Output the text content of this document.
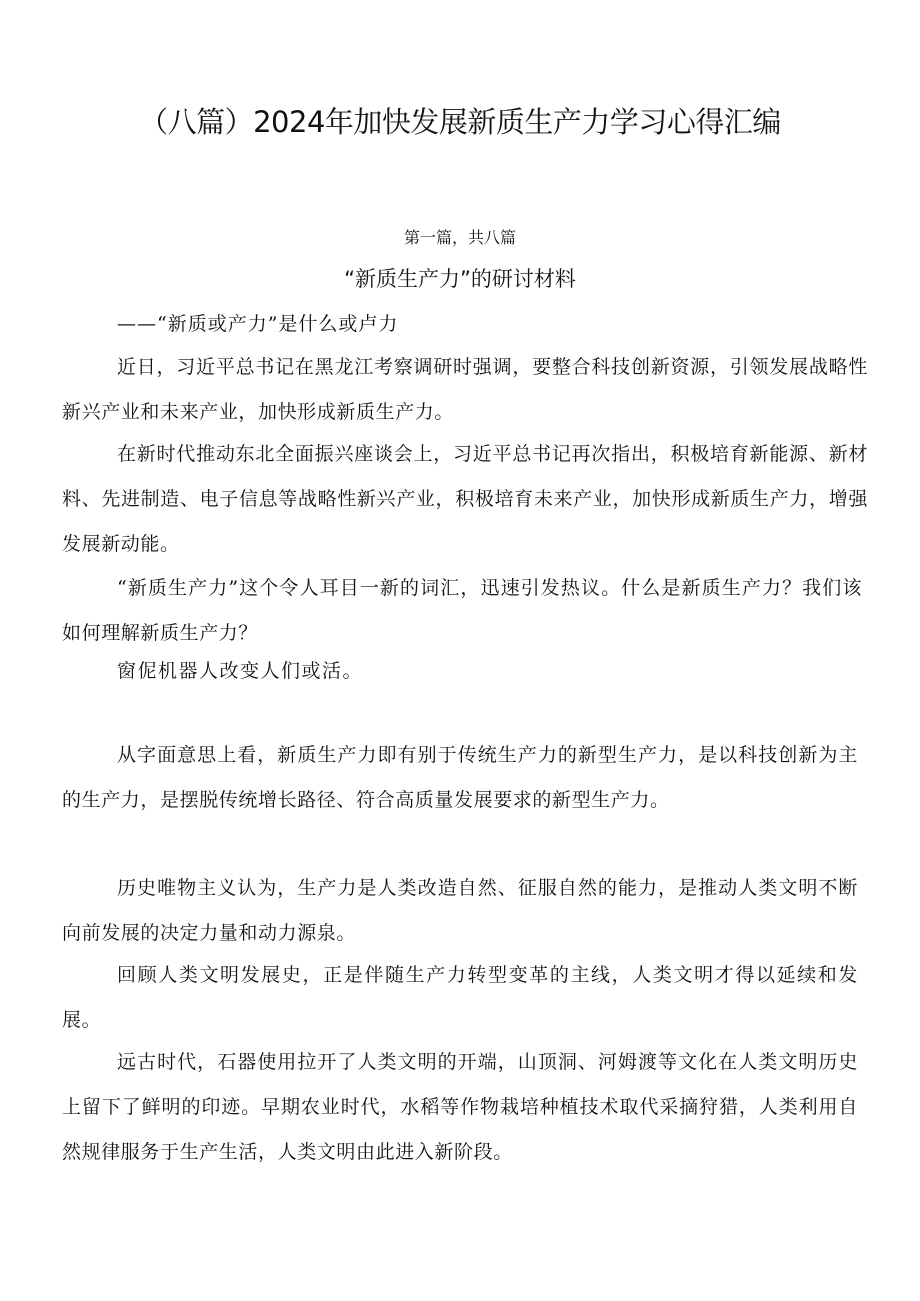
（八篇）2024年加快发展新质生产力学习心得汇编
第一篇，共八篇
“新质生产力”的研讨材料
——“新质或产力”是什么或卢力

近日，习近平总书记在黑龙江考察调研时强调，要整合科技创新资源，引领发展战略性新兴产业和未来产业，加快形成新质生产力。

在新时代推动东北全面振兴座谈会上，习近平总书记再次指出，积极培育新能源、新材料、先进制造、电子信息等战略性新兴产业，积极培育未来产业，加快形成新质生产力，增强发展新动能。

“新质生产力”这个令人耳目一新的词汇，迅速引发热议。什么是新质生产力？我们该如何理解新质生产力？

窗伲机器人改变人们或活。

从字面意思上看，新质生产力即有别于传统生产力的新型生产力，是以科技创新为主的生产力，是摆脱传统增长路径、符合高质量发展要求的新型生产力。

历史唯物主义认为，生产力是人类改造自然、征服自然的能力，是推动人类文明不断向前发展的决定力量和动力源泉。

回顾人类文明发展史，正是伴随生产力转型变革的主线，人类文明才得以延续和发展。

远古时代，石器使用拉开了人类文明的开端，山顶洞、河姆渡等文化在人类文明历史上留下了鲜明的印迹。早期农业时代，水稻等作物栽培种植技术取代采摘狩猎，人类利用自然规律服务于生产生活，人类文明由此进入新阶段。
